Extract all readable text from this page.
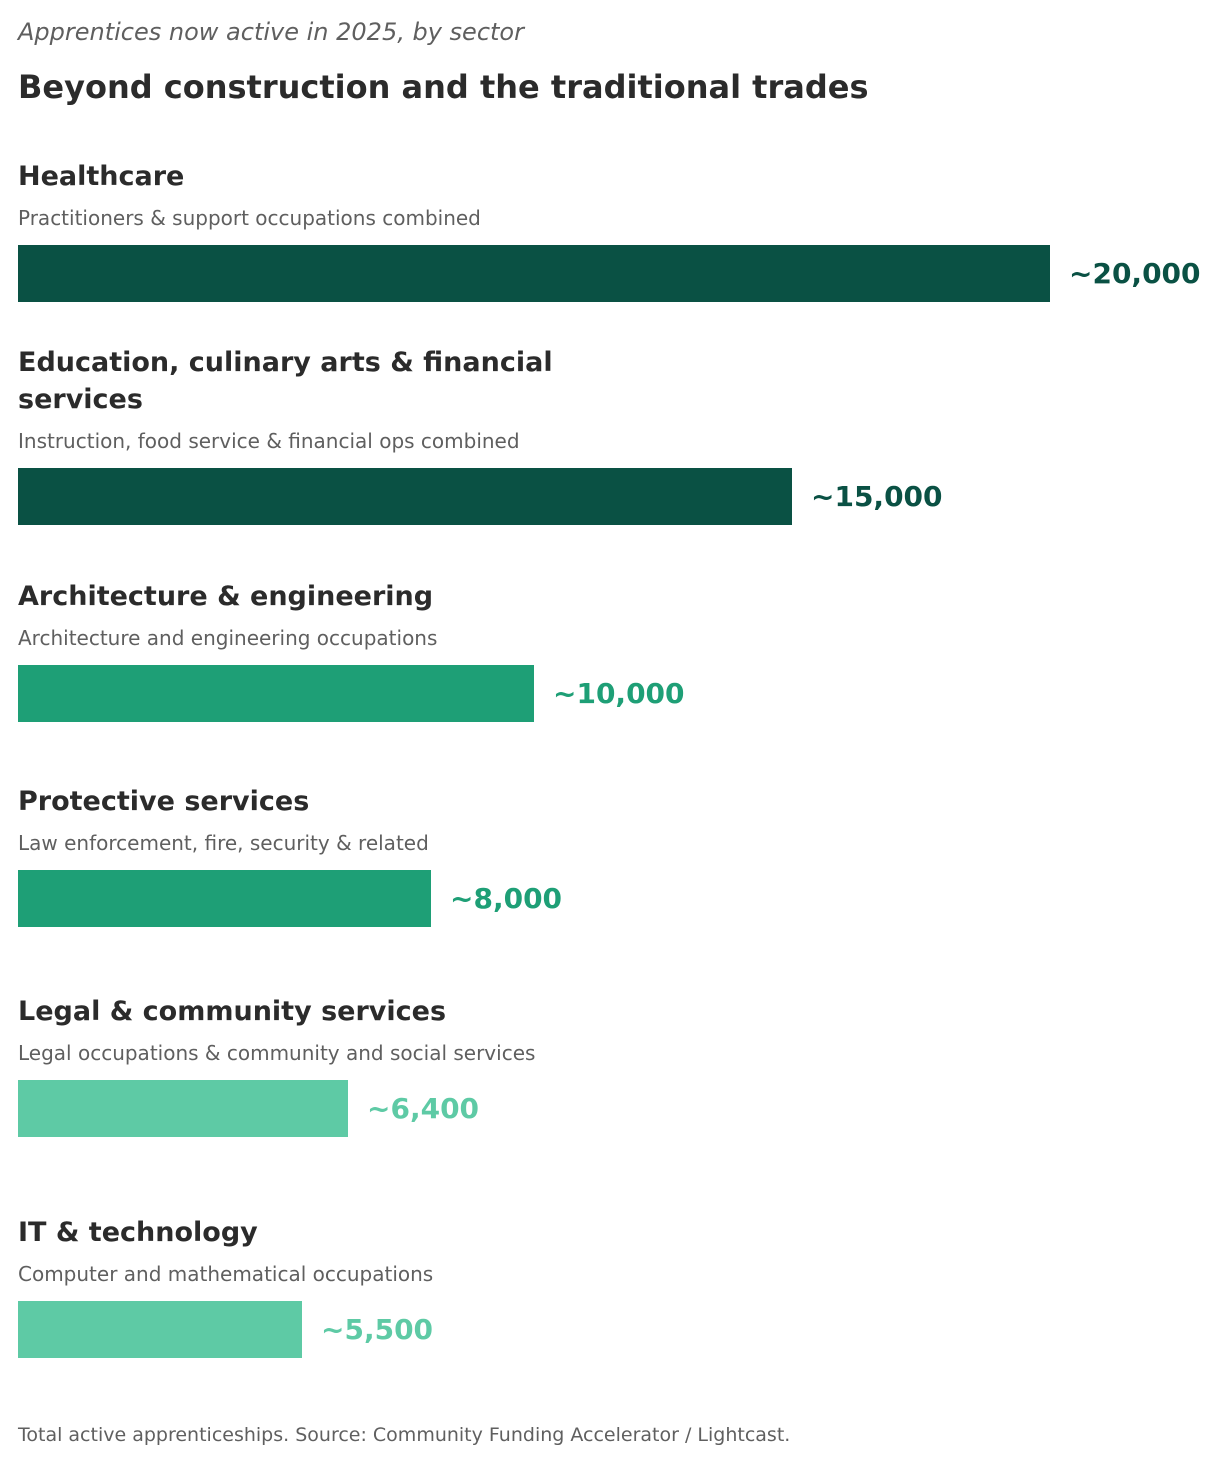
Apprentices now active in 2025, by sector

Beyond construction and the traditional trades
Healthcare
Practitioners & support occupations combined
~20,000
Education, culinary arts & financial services
Instruction, food service & financial ops combined
~15,000
Architecture & engineering
Architecture and engineering occupations
~10,000
Protective services
Law enforcement, fire, security & related
~8,000
Legal & community services
Legal occupations & community and social services
~6,400
IT & technology
Computer and mathematical occupations
~5,500

Total active apprenticeships. Source: Community Funding Accelerator / Lightcast.
